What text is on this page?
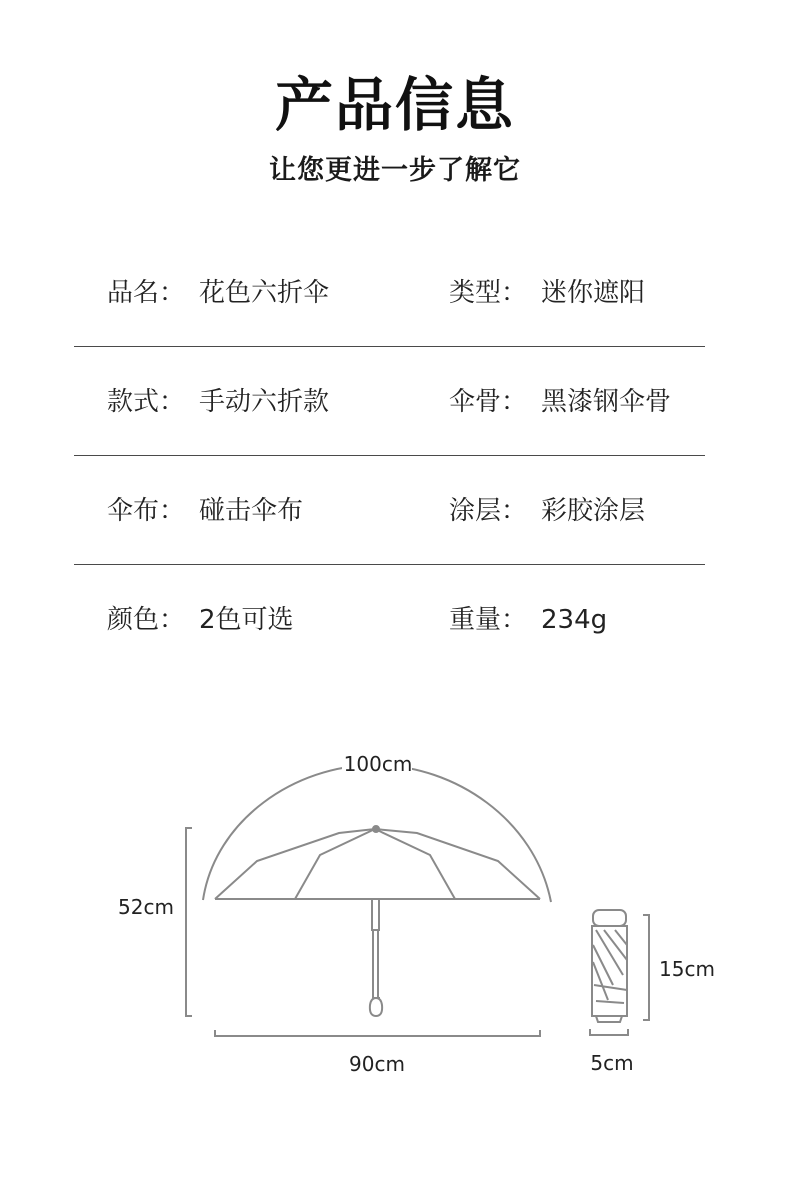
产品信息
让您更进一步了解它
品名： 花色六折伞	类型： 迷你遮阳
款式： 手动六折款	伞骨： 黑漆钢伞骨
伞布： 碰击伞布	涂层： 彩胶涂层
颜色： 2色可选	重量： 234g
100cm
52cm
90cm
15cm
5cm
